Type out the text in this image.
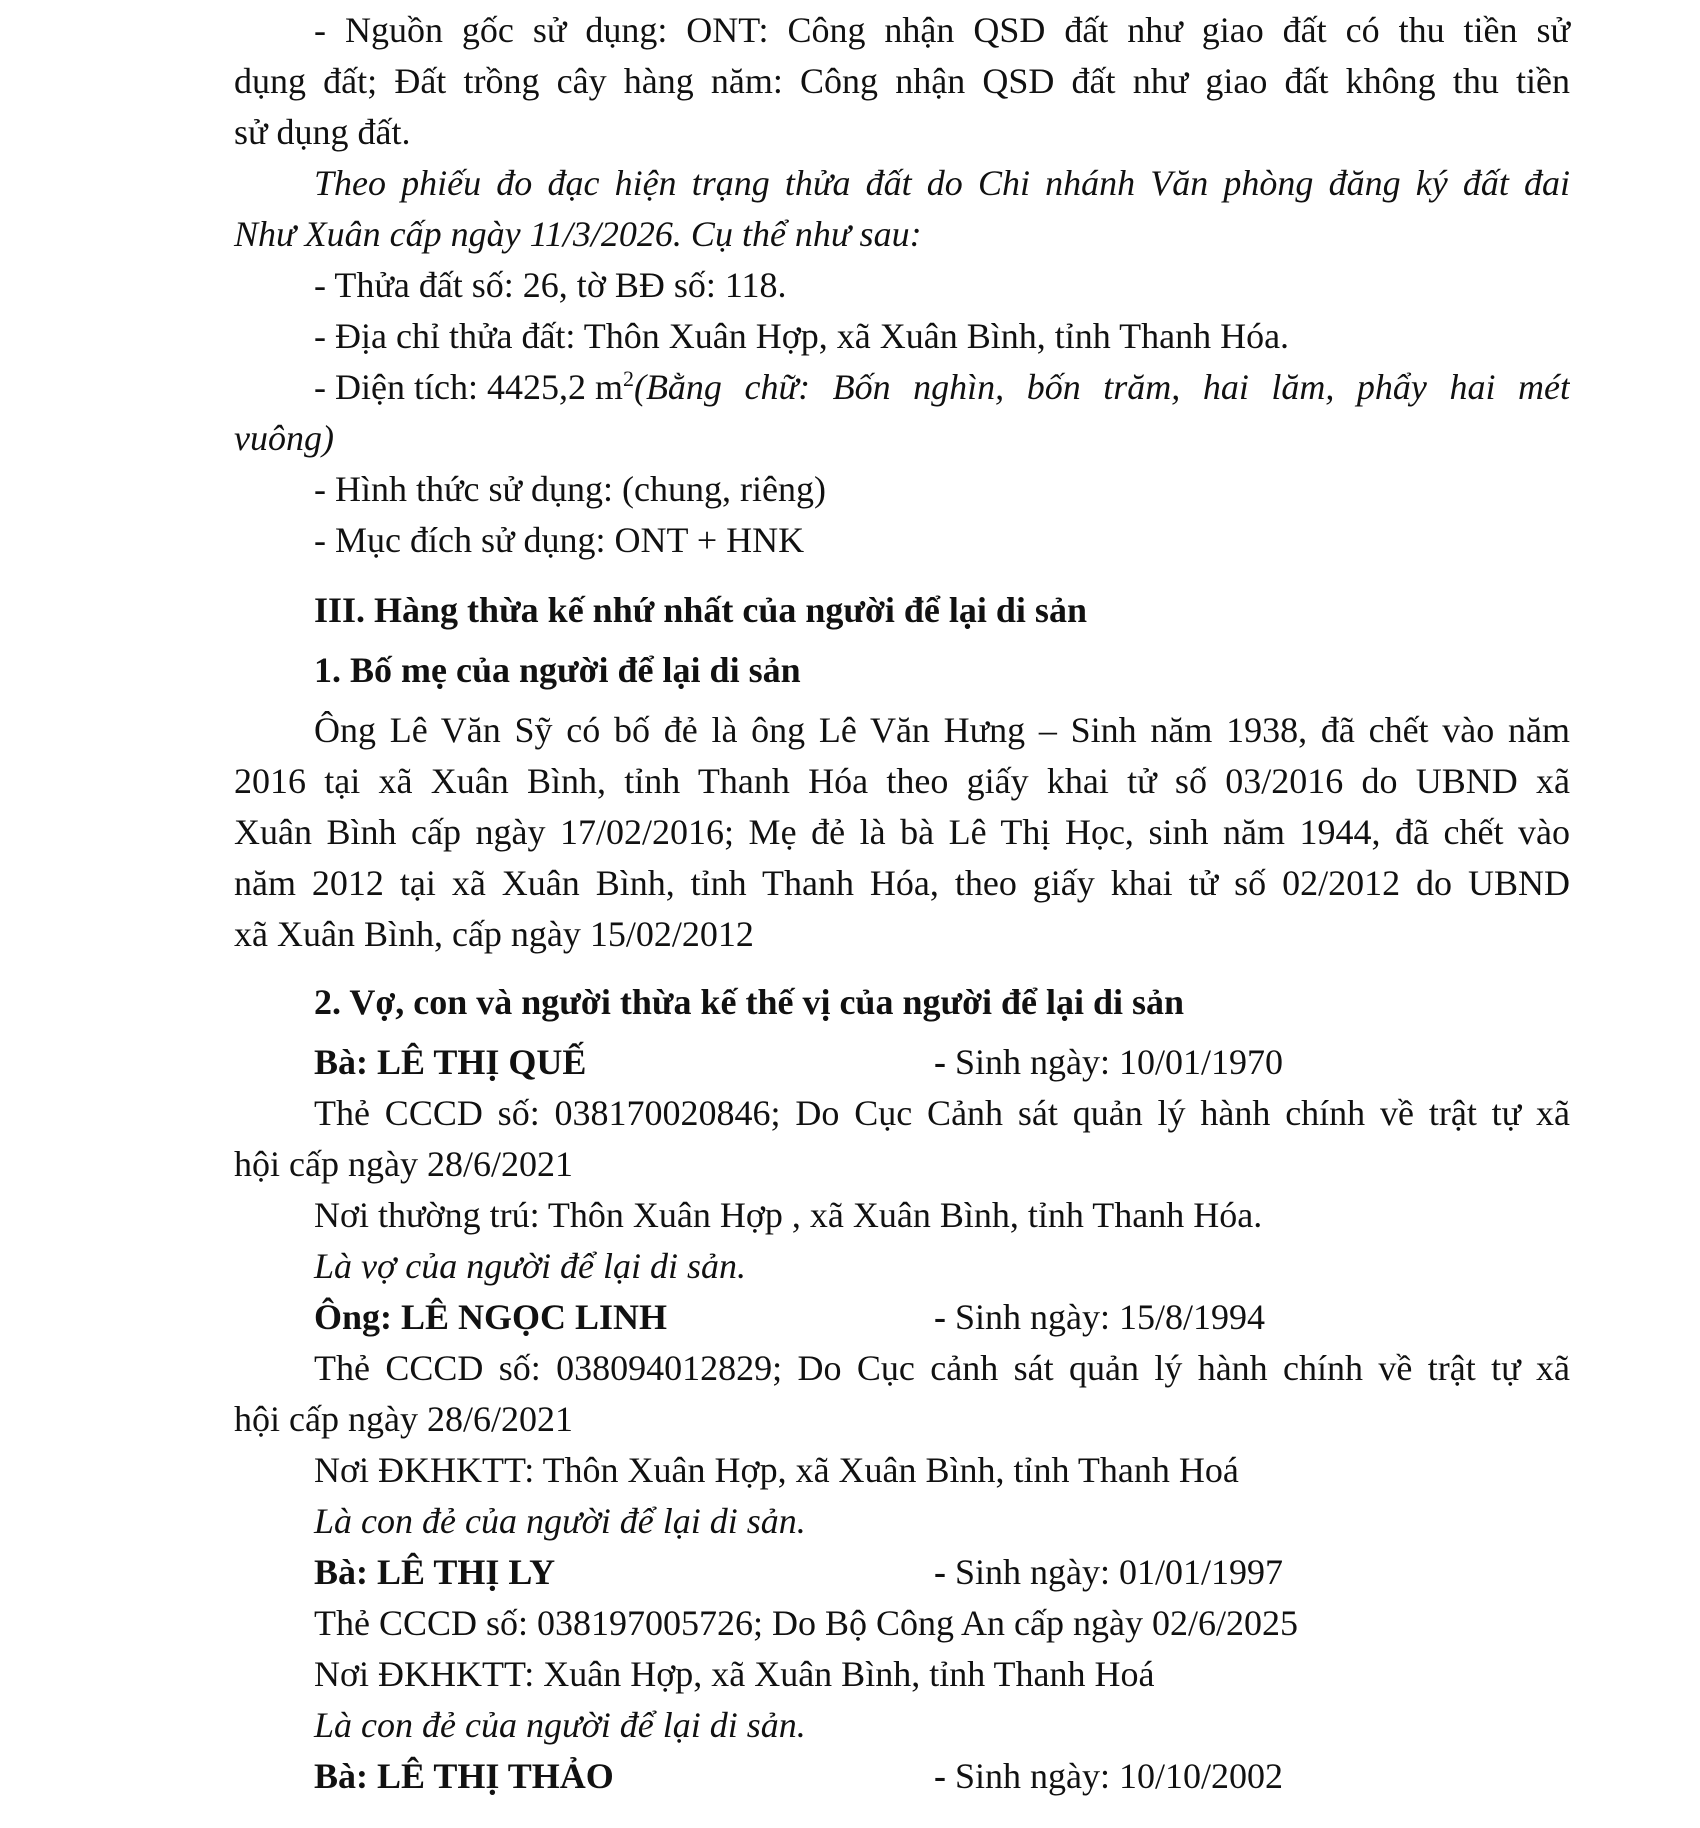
- Nguồn gốc sử dụng: ONT: Công nhận QSD đất như giao đất có thu tiền sử
dụng đất; Đất trồng cây hàng năm: Công nhận QSD đất như giao đất không thu tiền
sử dụng đất.
Theo phiếu đo đạc hiện trạng thửa đất do Chi nhánh Văn phòng đăng ký đất đai
Như Xuân cấp ngày 11/3/2026. Cụ thể như sau:
- Thửa đất số: 26, tờ BĐ số: 118.
- Địa chỉ thửa đất: Thôn Xuân Hợp, xã Xuân Bình, tỉnh Thanh Hóa.
- Diện tích: 4425,2 $m^2$ (Bằng chữ: Bốn nghìn, bốn trăm, hai lăm, phẩy hai mét
vuông)
- Hình thức sử dụng: (chung, riêng)
- Mục đích sử dụng: ONT + HNK
III. Hàng thừa kế nhứ nhất của người để lại di sản
1. Bố mẹ của người để lại di sản
Ông Lê Văn Sỹ có bố đẻ là ông Lê Văn Hưng – Sinh năm 1938, đã chết vào năm
2016 tại xã Xuân Bình, tỉnh Thanh Hóa theo giấy khai tử số 03/2016 do UBND xã
Xuân Bình cấp ngày 17/02/2016; Mẹ đẻ là bà Lê Thị Học, sinh năm 1944, đã chết vào
năm 2012 tại xã Xuân Bình, tỉnh Thanh Hóa, theo giấy khai tử số 02/2012 do UBND
xã Xuân Bình, cấp ngày 15/02/2012
2. Vợ, con và người thừa kế thế vị của người để lại di sản
Bà: LÊ THỊ QUẾ	- Sinh ngày: 10/01/1970
Thẻ CCCD số: 038170020846; Do Cục Cảnh sát quản lý hành chính về trật tự xã
hội cấp ngày 28/6/2021
Nơi thường trú: Thôn Xuân Hợp , xã Xuân Bình, tỉnh Thanh Hóa.
Là vợ của người để lại di sản.
Ông: LÊ NGỌC LINH	- Sinh ngày: 15/8/1994
Thẻ CCCD số: 038094012829; Do Cục cảnh sát quản lý hành chính về trật tự xã
hội cấp ngày 28/6/2021
Nơi ĐKHKTT: Thôn Xuân Hợp, xã Xuân Bình, tỉnh Thanh Hoá
Là con đẻ của người để lại di sản.
Bà: LÊ THỊ LY	- Sinh ngày: 01/01/1997
Thẻ CCCD số: 038197005726; Do Bộ Công An cấp ngày 02/6/2025
Nơi ĐKHKTT: Xuân Hợp, xã Xuân Bình, tỉnh Thanh Hoá
Là con đẻ của người để lại di sản.
Bà: LÊ THỊ THẢO	- Sinh ngày: 10/10/2002
